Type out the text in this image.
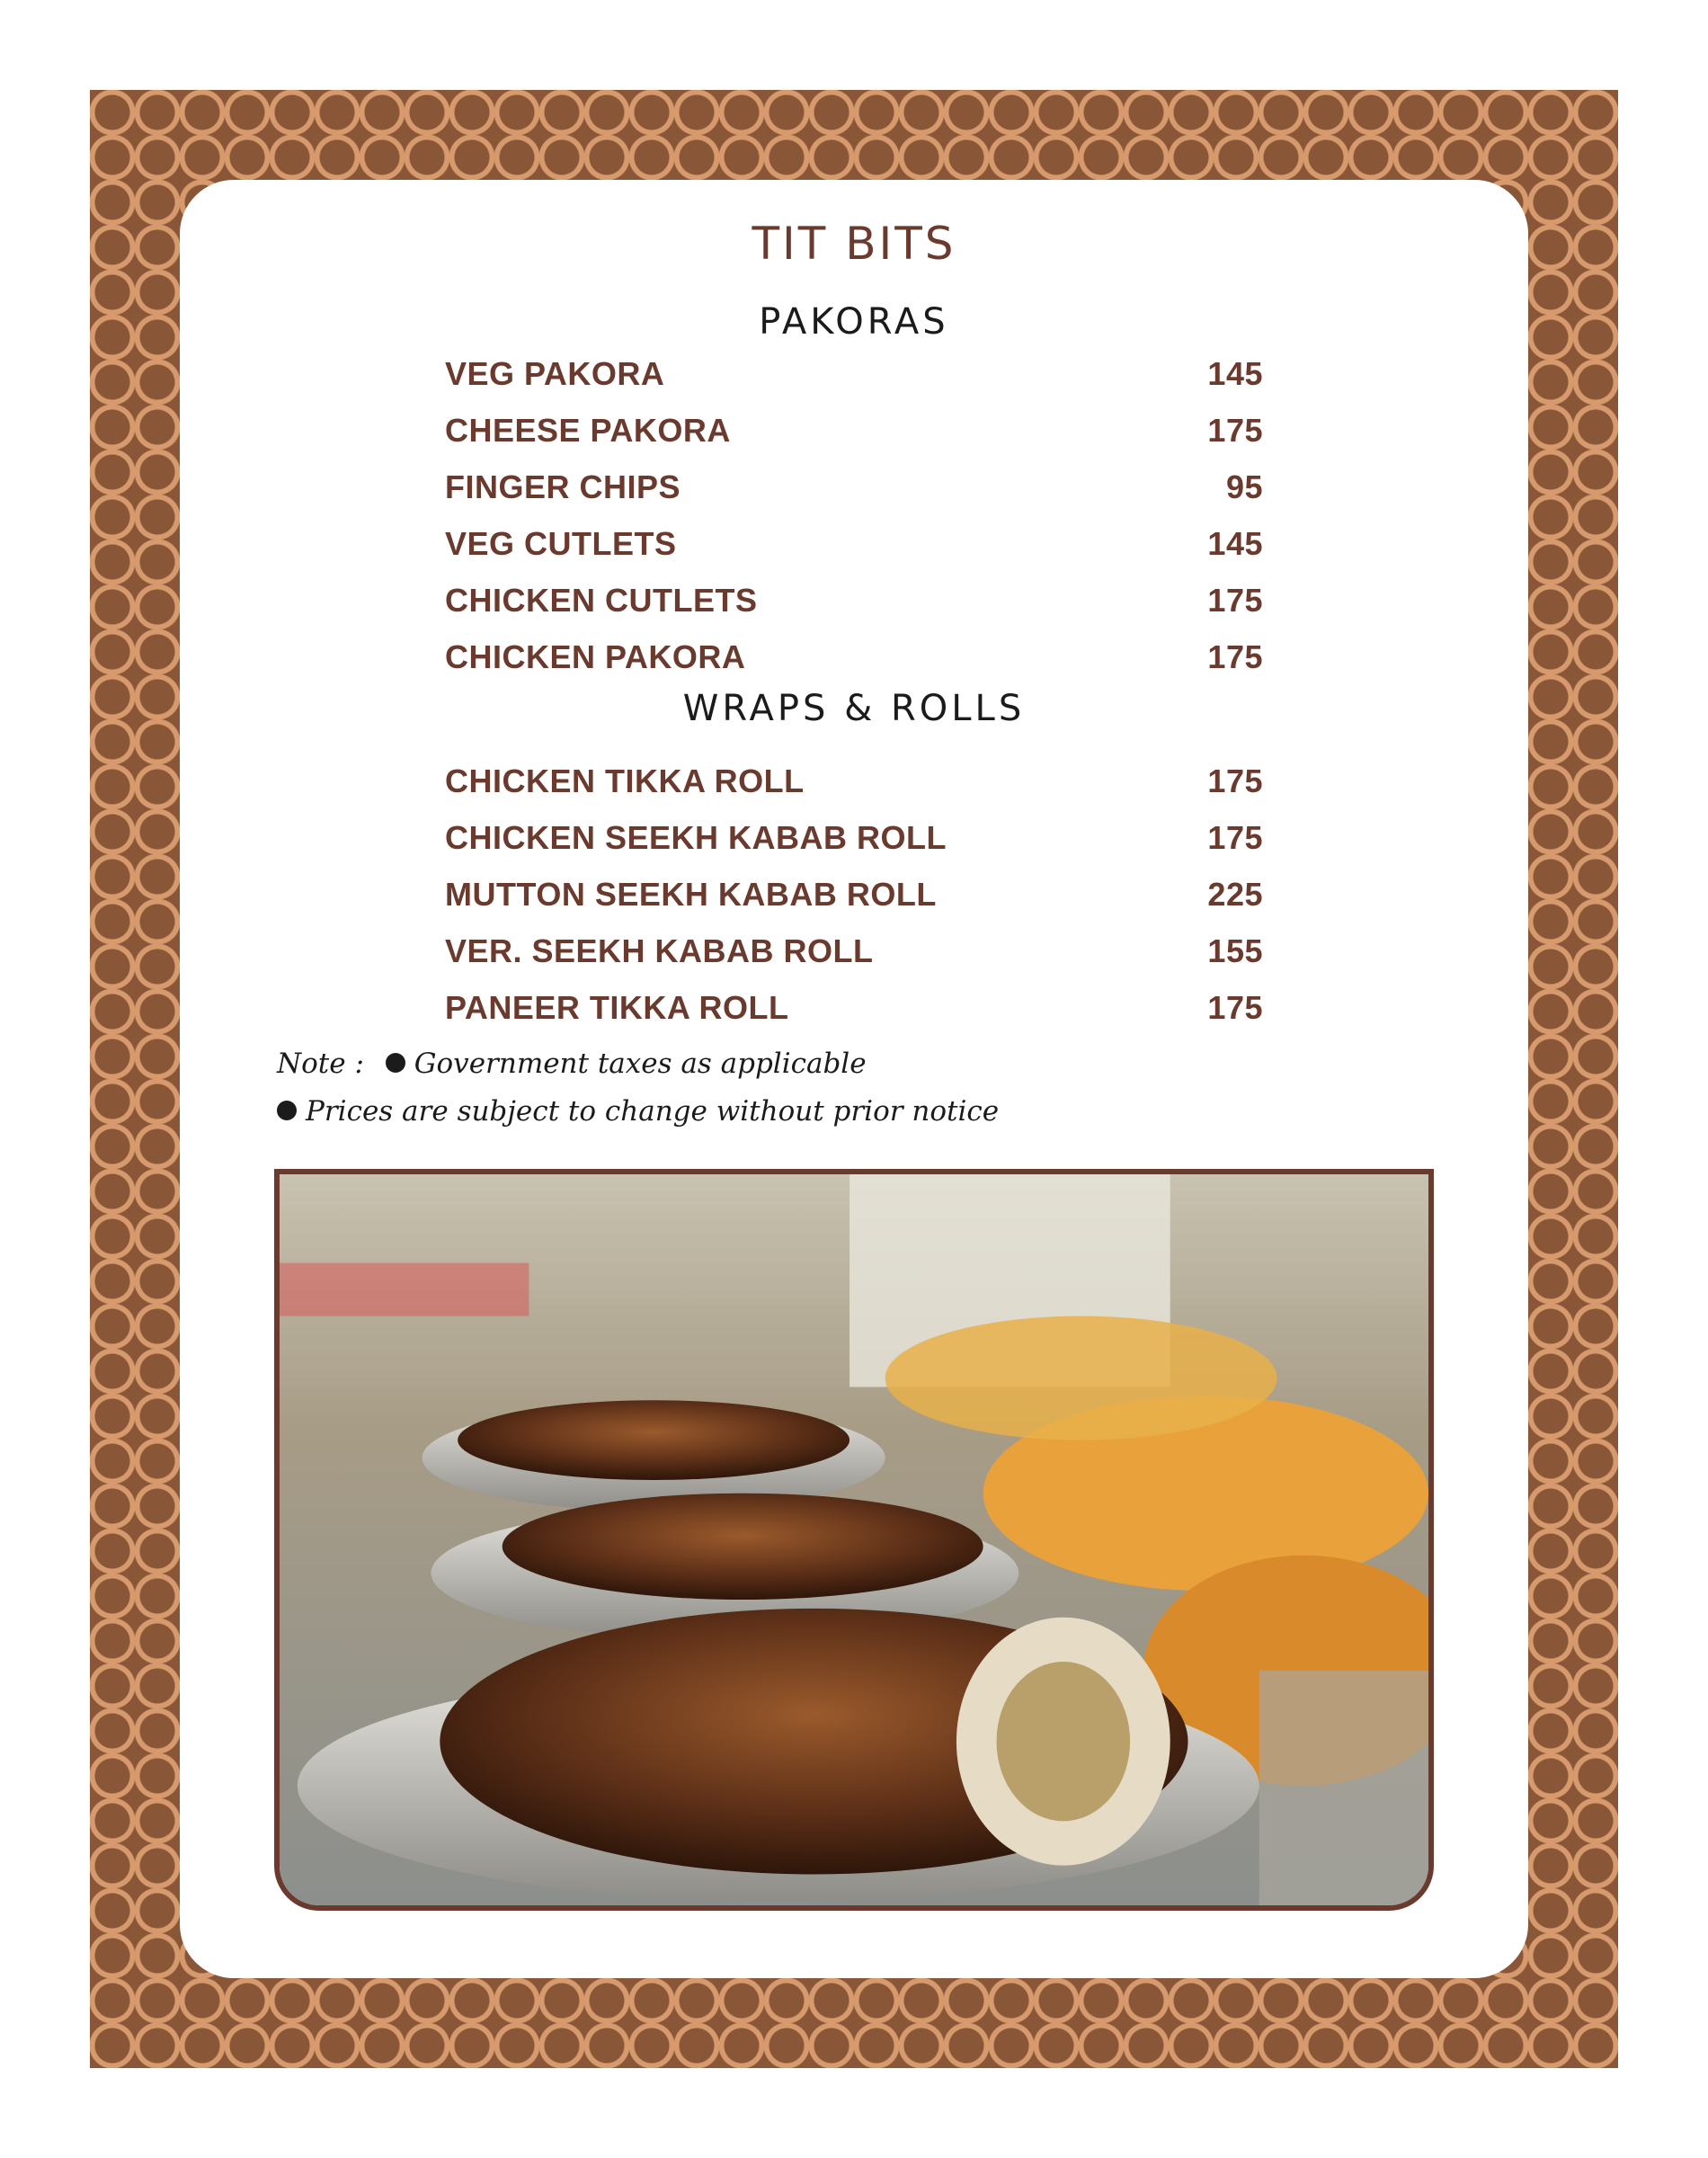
TIT BITS
PAKORAS
VEG PAKORA	145
CHEESE PAKORA	175
FINGER CHIPS	95
VEG CUTLETS	145
CHICKEN CUTLETS	175
CHICKEN PAKORA	175
WRAPS & ROLLS
CHICKEN TIKKA ROLL	175
CHICKEN SEEKH KABAB ROLL	175
MUTTON SEEKH KABAB ROLL	225
VER. SEEKH KABAB ROLL	155
PANEER TIKKA ROLL	175
Note : Government taxes as applicable
Prices are subject to change without prior notice
